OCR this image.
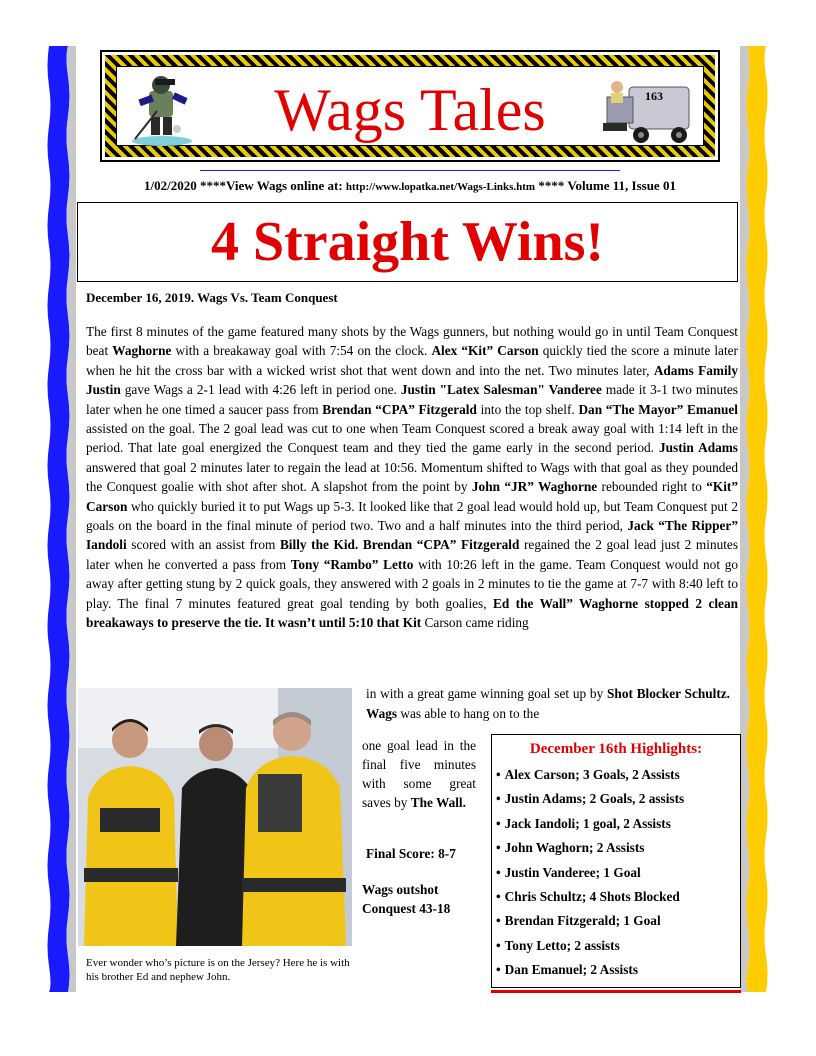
Wags Tales	163
1/02/2020 ****View Wags online at: http://www.lopatka.net/Wags-Links.htm **** Volume 11, Issue 01
4 Straight Wins!
December 16, 2019. Wags Vs. Team Conquest
The first 8 minutes of the game featured many shots by the Wags gunners, but nothing would go in until Team Conquest beat Waghorne with a breakaway goal with 7:54 on the clock. Alex “Kit” Carson quickly tied the score a minute later when he hit the cross bar with a wicked wrist shot that went down and into the net. Two minutes later, Adams Family Justin gave Wags a 2-1 lead with 4:26 left in period one. Justin "Latex Salesman" Vanderee made it 3-1 two minutes later when he one timed a saucer pass from Brendan “CPA” Fitzgerald into the top shelf. Dan “The Mayor” Emanuel assisted on the goal. The 2 goal lead was cut to one when Team Conquest scored a break away goal with 1:14 left in the period. That late goal energized the Conquest team and they tied the game early in the second period. Justin Adams answered that goal 2 minutes later to regain the lead at 10:56. Momentum shifted to Wags with that goal as they pounded the Conquest goalie with shot after shot. A slapshot from the point by John “JR” Waghorne rebounded right to “Kit” Carson who quickly buried it to put Wags up 5-3. It looked like that 2 goal lead would hold up, but Team Conquest put 2 goals on the board in the final minute of period two. Two and a half minutes into the third period, Jack “The Ripper” Iandoli scored with an assist from Billy the Kid. Brendan “CPA” Fitzgerald regained the 2 goal lead just 2 minutes later when he converted a pass from Tony “Rambo” Letto with 10:26 left in the game. Team Conquest would not go away after getting stung by 2 quick goals, they answered with 2 goals in 2 minutes to tie the game at 7-7 with 8:40 left to play. The final 7 minutes featured great goal tending by both goalies, Ed the Wall” Waghorne stopped 2 clean breakaways to preserve the tie. It wasn’t until 5:10 that Kit Carson came riding
Ever wonder who’s picture is on the Jersey? Here he is with his brother Ed and nephew John.
in with a great game winning goal set up by Shot Blocker Schultz. Wags was able to hang on to the
one goal lead in the final five minutes with some great saves by The Wall.
Final Score: 8-7
Wags outshot Conquest 43-18
December 16th Highlights:
• Alex Carson; 3 Goals, 2 Assists
• Justin Adams; 2 Goals, 2 assists
• Jack Iandoli; 1 goal, 2 Assists
• John Waghorn; 2 Assists
• Justin Vanderee; 1 Goal
• Chris Schultz; 4 Shots Blocked
• Brendan Fitzgerald; 1 Goal
• Tony Letto; 2 assists
• Dan Emanuel; 2 Assists
